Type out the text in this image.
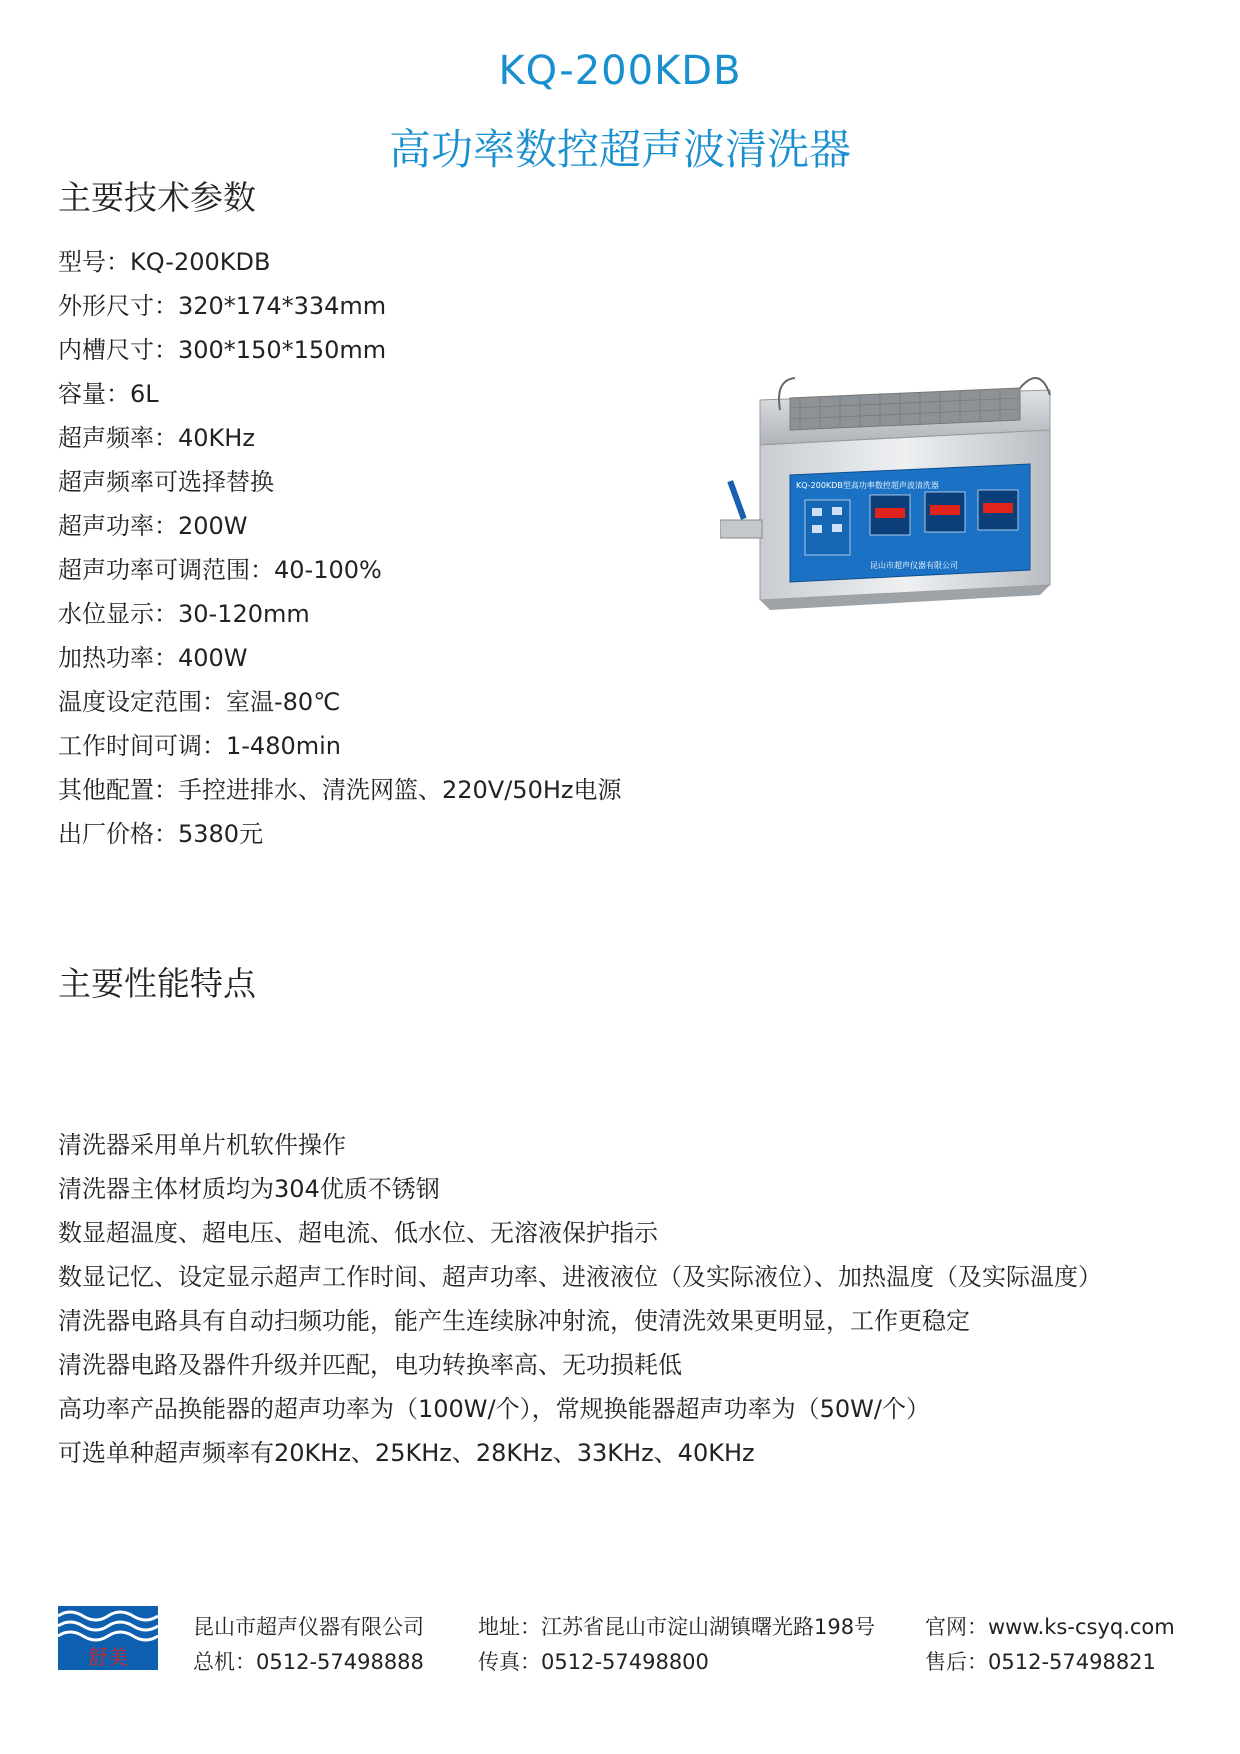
KQ-200KDB
高功率数控超声波清洗器
主要技术参数
型号：KQ-200KDB
外形尺寸：320*174*334mm
内槽尺寸：300*150*150mm
容量：6L
超声频率：40KHz
超声频率可选择替换
超声功率：200W
超声功率可调范围：40-100%
水位显示：30-120mm
加热功率：400W
温度设定范围：室温-80℃
工作时间可调：1-480min
其他配置：手控进排水、清洗网篮、220V/50Hz电源
出厂价格：5380元
KQ-200KDB型高功率数控超声波清洗器
昆山市超声仪器有限公司
主要性能特点
清洗器采用单片机软件操作
清洗器主体材质均为304优质不锈钢
数显超温度、超电压、超电流、低水位、无溶液保护指示
数显记忆、设定显示超声工作时间、超声功率、进液液位（及实际液位）、加热温度（及实际温度）
清洗器电路具有自动扫频功能，能产生连续脉冲射流，使清洗效果更明显，工作更稳定
清洗器电路及器件升级并匹配，电功转换率高、无功损耗低
高功率产品换能器的超声功率为（100W/个），常规换能器超声功率为（50W/个）
可选单种超声频率有20KHz、25KHz、28KHz、33KHz、40KHz
舒美
昆山市超声仪器有限公司
总机：0512-57498888
地址：江苏省昆山市淀山湖镇曙光路198号
传真：0512-57498800
官网：www.ks-csyq.com
售后：0512-57498821
